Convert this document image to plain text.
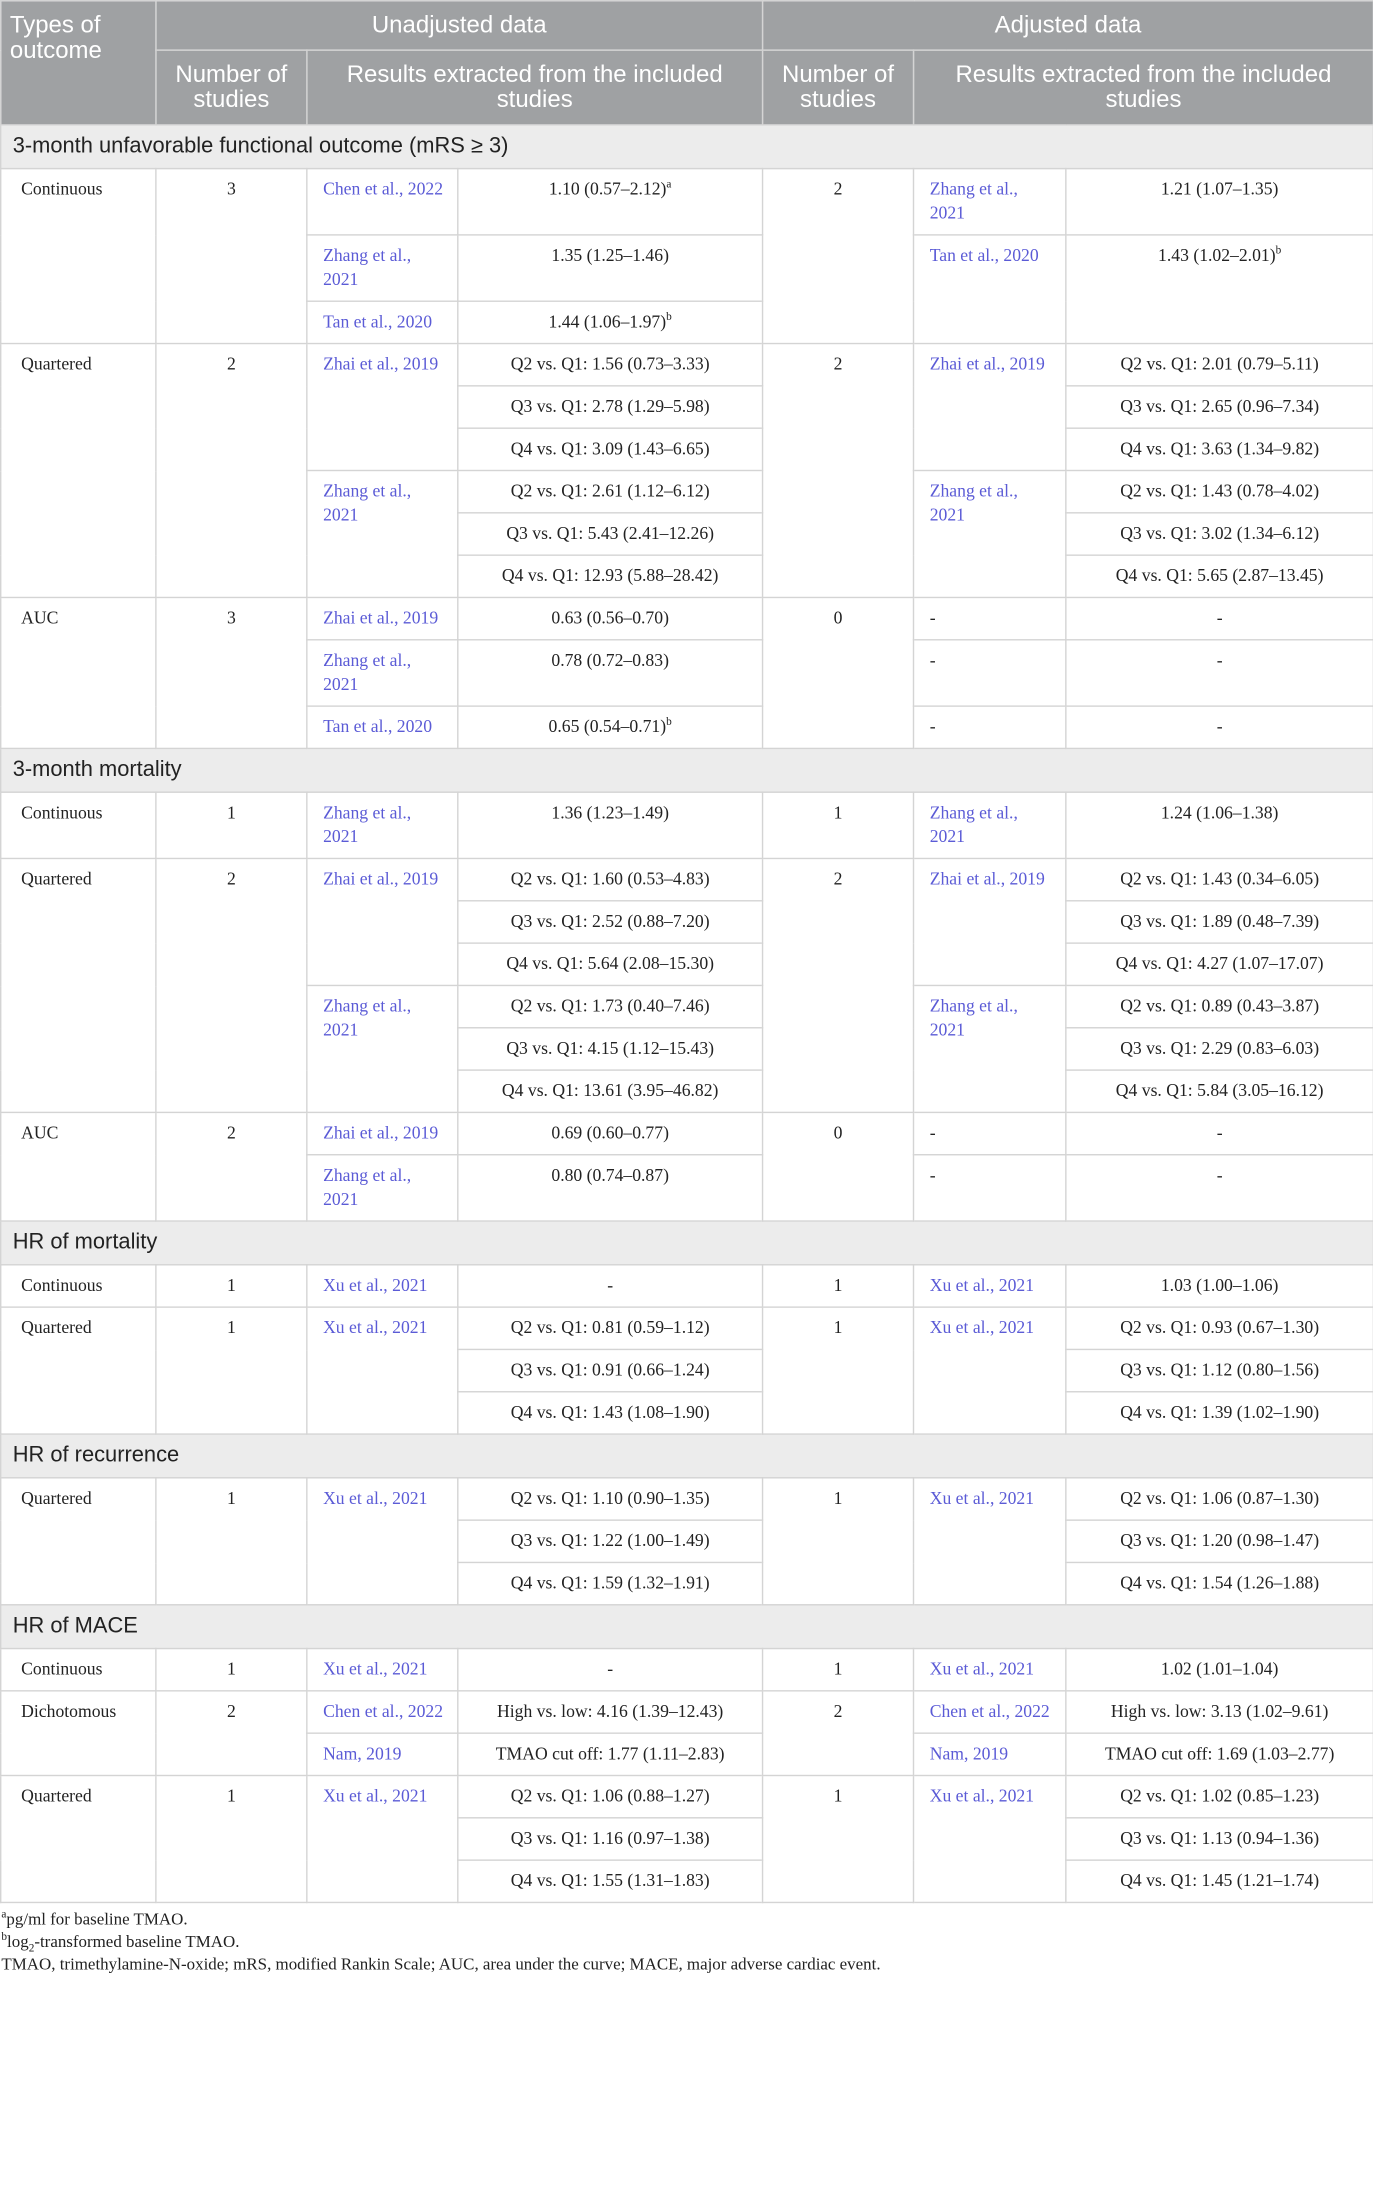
Types of outcome	Unadjusted data			Adjusted data		
	Number of studies	Results extracted from the included studies		Number of studies	Results extracted from the included studies	
3-month unfavorable functional outcome (mRS ≥ 3)						
Continuous	3	Chen et al., 2022	1.10 $(0.57-2.12)^a$	2	Zhang et al., 2021	1.21 (1.07–1.35)
		Zhang et al., 2021	1.35 (1.25–1.46)		Tan et al., 2020	1.43 $(1.02-2.01)^b$
		Tan et al., 2020	1.44 $(1.06-1.97)^b$
Quartered	2	Zhai et al., 2019	Q2 vs. Q1: 1.56 (0.73–3.33)	2	Zhai et al., 2019	Q2 vs. Q1: 2.01 (0.79–5.11)
			Q3 vs. Q1: 2.78 (1.29–5.98)			Q3 vs. Q1: 2.65 (0.96–7.34)
			Q4 vs. Q1: 3.09 (1.43–6.65)			Q4 vs. Q1: 3.63 (1.34–9.82)
		Zhang et al., 2021	Q2 vs. Q1: 2.61 (1.12–6.12)		Zhang et al., 2021	Q2 vs. Q1: 1.43 (0.78–4.02)
			Q3 vs. Q1: 5.43 (2.41–12.26)			Q3 vs. Q1: 3.02 (1.34–6.12)
			Q4 vs. Q1: 12.93 (5.88–28.42)			Q4 vs. Q1: 5.65 (2.87–13.45)
AUC	3	Zhai et al., 2019	0.63 (0.56–0.70)	0	-	-
		Zhang et al., 2021	0.78 (0.72–0.83)		-	-
		Tan et al., 2020	0.65 $(0.54-0.71)^b$		-	-
3-month mortality						
Continuous	1	Zhang et al., 2021	1.36 (1.23–1.49)	1	Zhang et al., 2021	1.24 (1.06–1.38)
Quartered	2	Zhai et al., 2019	Q2 vs. Q1: 1.60 (0.53–4.83)	2	Zhai et al., 2019	Q2 vs. Q1: 1.43 (0.34–6.05)
			Q3 vs. Q1: 2.52 (0.88–7.20)			Q3 vs. Q1: 1.89 (0.48–7.39)
			Q4 vs. Q1: 5.64 (2.08–15.30)			Q4 vs. Q1: 4.27 (1.07–17.07)
		Zhang et al., 2021	Q2 vs. Q1: 1.73 (0.40–7.46)		Zhang et al., 2021	Q2 vs. Q1: 0.89 (0.43–3.87)
			Q3 vs. Q1: 4.15 (1.12–15.43)			Q3 vs. Q1: 2.29 (0.83–6.03)
			Q4 vs. Q1: 13.61 (3.95–46.82)			Q4 vs. Q1: 5.84 (3.05–16.12)
AUC	2	Zhai et al., 2019	0.69 (0.60–0.77)	0	-	-
		Zhang et al., 2021	0.80 (0.74–0.87)		-	-
HR of mortality						
Continuous	1	Xu et al., 2021	-	1	Xu et al., 2021	1.03 (1.00–1.06)
Quartered	1	Xu et al., 2021	Q2 vs. Q1: 0.81 (0.59–1.12)	1	Xu et al., 2021	Q2 vs. Q1: 0.93 (0.67–1.30)
			Q3 vs. Q1: 0.91 (0.66–1.24)			Q3 vs. Q1: 1.12 (0.80–1.56)
			Q4 vs. Q1: 1.43 (1.08–1.90)			Q4 vs. Q1: 1.39 (1.02–1.90)
HR of recurrence						
Quartered	1	Xu et al., 2021	Q2 vs. Q1: 1.10 (0.90–1.35)	1	Xu et al., 2021	Q2 vs. Q1: 1.06 (0.87–1.30)
			Q3 vs. Q1: 1.22 (1.00–1.49)			Q3 vs. Q1: 1.20 (0.98–1.47)
			Q4 vs. Q1: 1.59 (1.32–1.91)			Q4 vs. Q1: 1.54 (1.26–1.88)
HR of MACE						
Continuous	1	Xu et al., 2021	-	1	Xu et al., 2021	1.02 (1.01–1.04)
Dichotomous	2	Chen et al., 2022	High vs. low: 4.16 (1.39–12.43)	2	Chen et al., 2022	High vs. low: 3.13 (1.02–9.61)
		Nam, 2019	TMAO cut off: 1.77 (1.11–2.83)		Nam, 2019	TMAO cut off: 1.69 (1.03–2.77)
Quartered	1	Xu et al., 2021	Q2 vs. Q1: 1.06 (0.88–1.27)	1	Xu et al., 2021	Q2 vs. Q1: 1.02 (0.85–1.23)
			Q3 vs. Q1: 1.16 (0.97–1.38)			Q3 vs. Q1: 1.13 (0.94–1.36)
			Q4 vs. Q1: 1.55 (1.31–1.83)			Q4 vs. Q1: 1.45 (1.21–1.74)
$^a$pg/ml for baseline TMAO.
$^b\log_2$-transformed baseline TMAO.
TMAO, trimethylamine-N-oxide; mRS, modified Rankin Scale; AUC, area under the curve; MACE, major adverse cardiac event.
